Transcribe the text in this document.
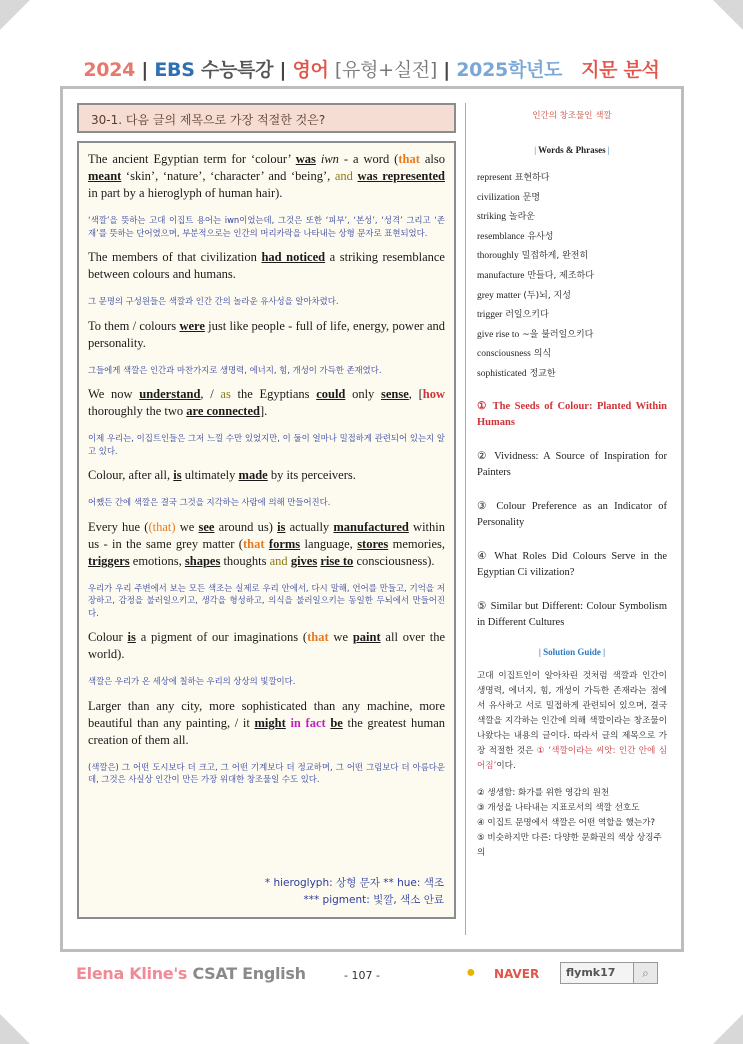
2024 | EBS 수능특강 | 영어 [유형+실전] | 2025학년도 지문 분석
30-1. 다음 글의 제목으로 가장 적절한 것은?

The ancient Egyptian term for ‘colour’ was iwn - a word (that also meant ‘skin’, ‘nature’, ‘character’ and ‘being’, and was represented in part by a hieroglyph of human hair).

‘색깔’을 뜻하는 고대 이집트 용어는 iwn이었는데, 그것은 또한 ‘피부’, ‘본성’, ‘성격’ 그리고 ‘존재’를 뜻하는 단어였으며, 부분적으로는 인간의 머리카락을 나타내는 상형 문자로 표현되었다.

The members of that civilization had noticed a striking resemblance between colours and humans.

그 문명의 구성원들은 색깔과 인간 간의 놀라운 유사성을 알아차렸다.

To them / colours were just like people - full of life, energy, power and personality.

그들에게 색깔은 인간과 마찬가지로 생명력, 에너지, 힘, 개성이 가득한 존재였다.

We now understand, / as the Egyptians could only sense, [how thoroughly the two are connected].

이제 우리는, 이집트인들은 그저 느낄 수만 있었지만, 이 둘이 얼마나 밀접하게 관련되어 있는지 알고 있다.

Colour, after all, is ultimately made by its perceivers.

어쨌든 간에 색깔은 결국 그것을 지각하는 사람에 의해 만들어진다.

Every hue ((that) we see around us) is actually manufactured within us - in the same grey matter (that forms language, stores memories, triggers emotions, shapes thoughts and gives rise to consciousness).

우리가 우리 주변에서 보는 모든 색조는 실제로 우리 안에서, 다시 말해, 언어를 만들고, 기억을 저장하고, 감정을 불러일으키고, 생각을 형성하고, 의식을 불러일으키는 동일한 두뇌에서 만들어진다.

Colour is a pigment of our imaginations (that we paint all over the world).

색깔은 우리가 온 세상에 칠하는 우리의 상상의 빛깔이다.

Larger than any city, more sophisticated than any machine, more beautiful than any painting, / it might in fact be the greatest human creation of them all.

(색깔은) 그 어떤 도시보다 더 크고, 그 어떤 기계보다 더 정교하며, 그 어떤 그림보다 더 아름다운데, 그것은 사실상 인간이 만든 가장 위대한 창조물일 수도 있다.

* hieroglyph: 상형 문자 ** hue: 색조
*** pigment: 빛깔, 색소 안료
인간의 창조물인 색깔
| Words & Phrases |
represent 표현하다
civilization 문명
striking 놀라운
resemblance 유사성
thoroughly 밀접하게, 완전히
manufacture 만들다, 제조하다
grey matter (두)뇌, 지성
trigger 러일으키다
give rise to ~을 불러일으키다
consciousness 의식
sophisticated 정교한

① The Seeds of Colour: Planted Within Humans

② Vividness: A Source of Inspiration for Painters

③ Colour Preference as an Indicator of Personality

④ What Roles Did Colours Serve in the Egyptian Ci vilization?

⑤ Similar but Different: Colour Symbolism in Different Cultures

| Solution Guide |

고대 이집트인이 알아차린 것처럼 색깔과 인간이 생명력, 에너지, 힘, 개성이 가득한 존재라는 점에서 유사하고 서로 밀접하게 관련되어 있으며, 결국 색깔을 지각하는 인간에 의해 색깔이라는 창조물이 나왔다는 내용의 글이다. 따라서 글의 제목으로 가장 적절한 것은 ① ‘색깔이라는 씨앗: 인간 안에 심어짐’이다.

② 생생함: 화가를 위한 영감의 원천
③ 개성을 나타내는 지표로서의 색깔 선호도
④ 이집트 문명에서 색깔은 어떤 역할을 했는가?
⑤ 비슷하지만 다른: 다양한 문화권의 색상 상징주의
Elena Kline's CSAT English	- 107 -	● NAVER flymk17	⌕
